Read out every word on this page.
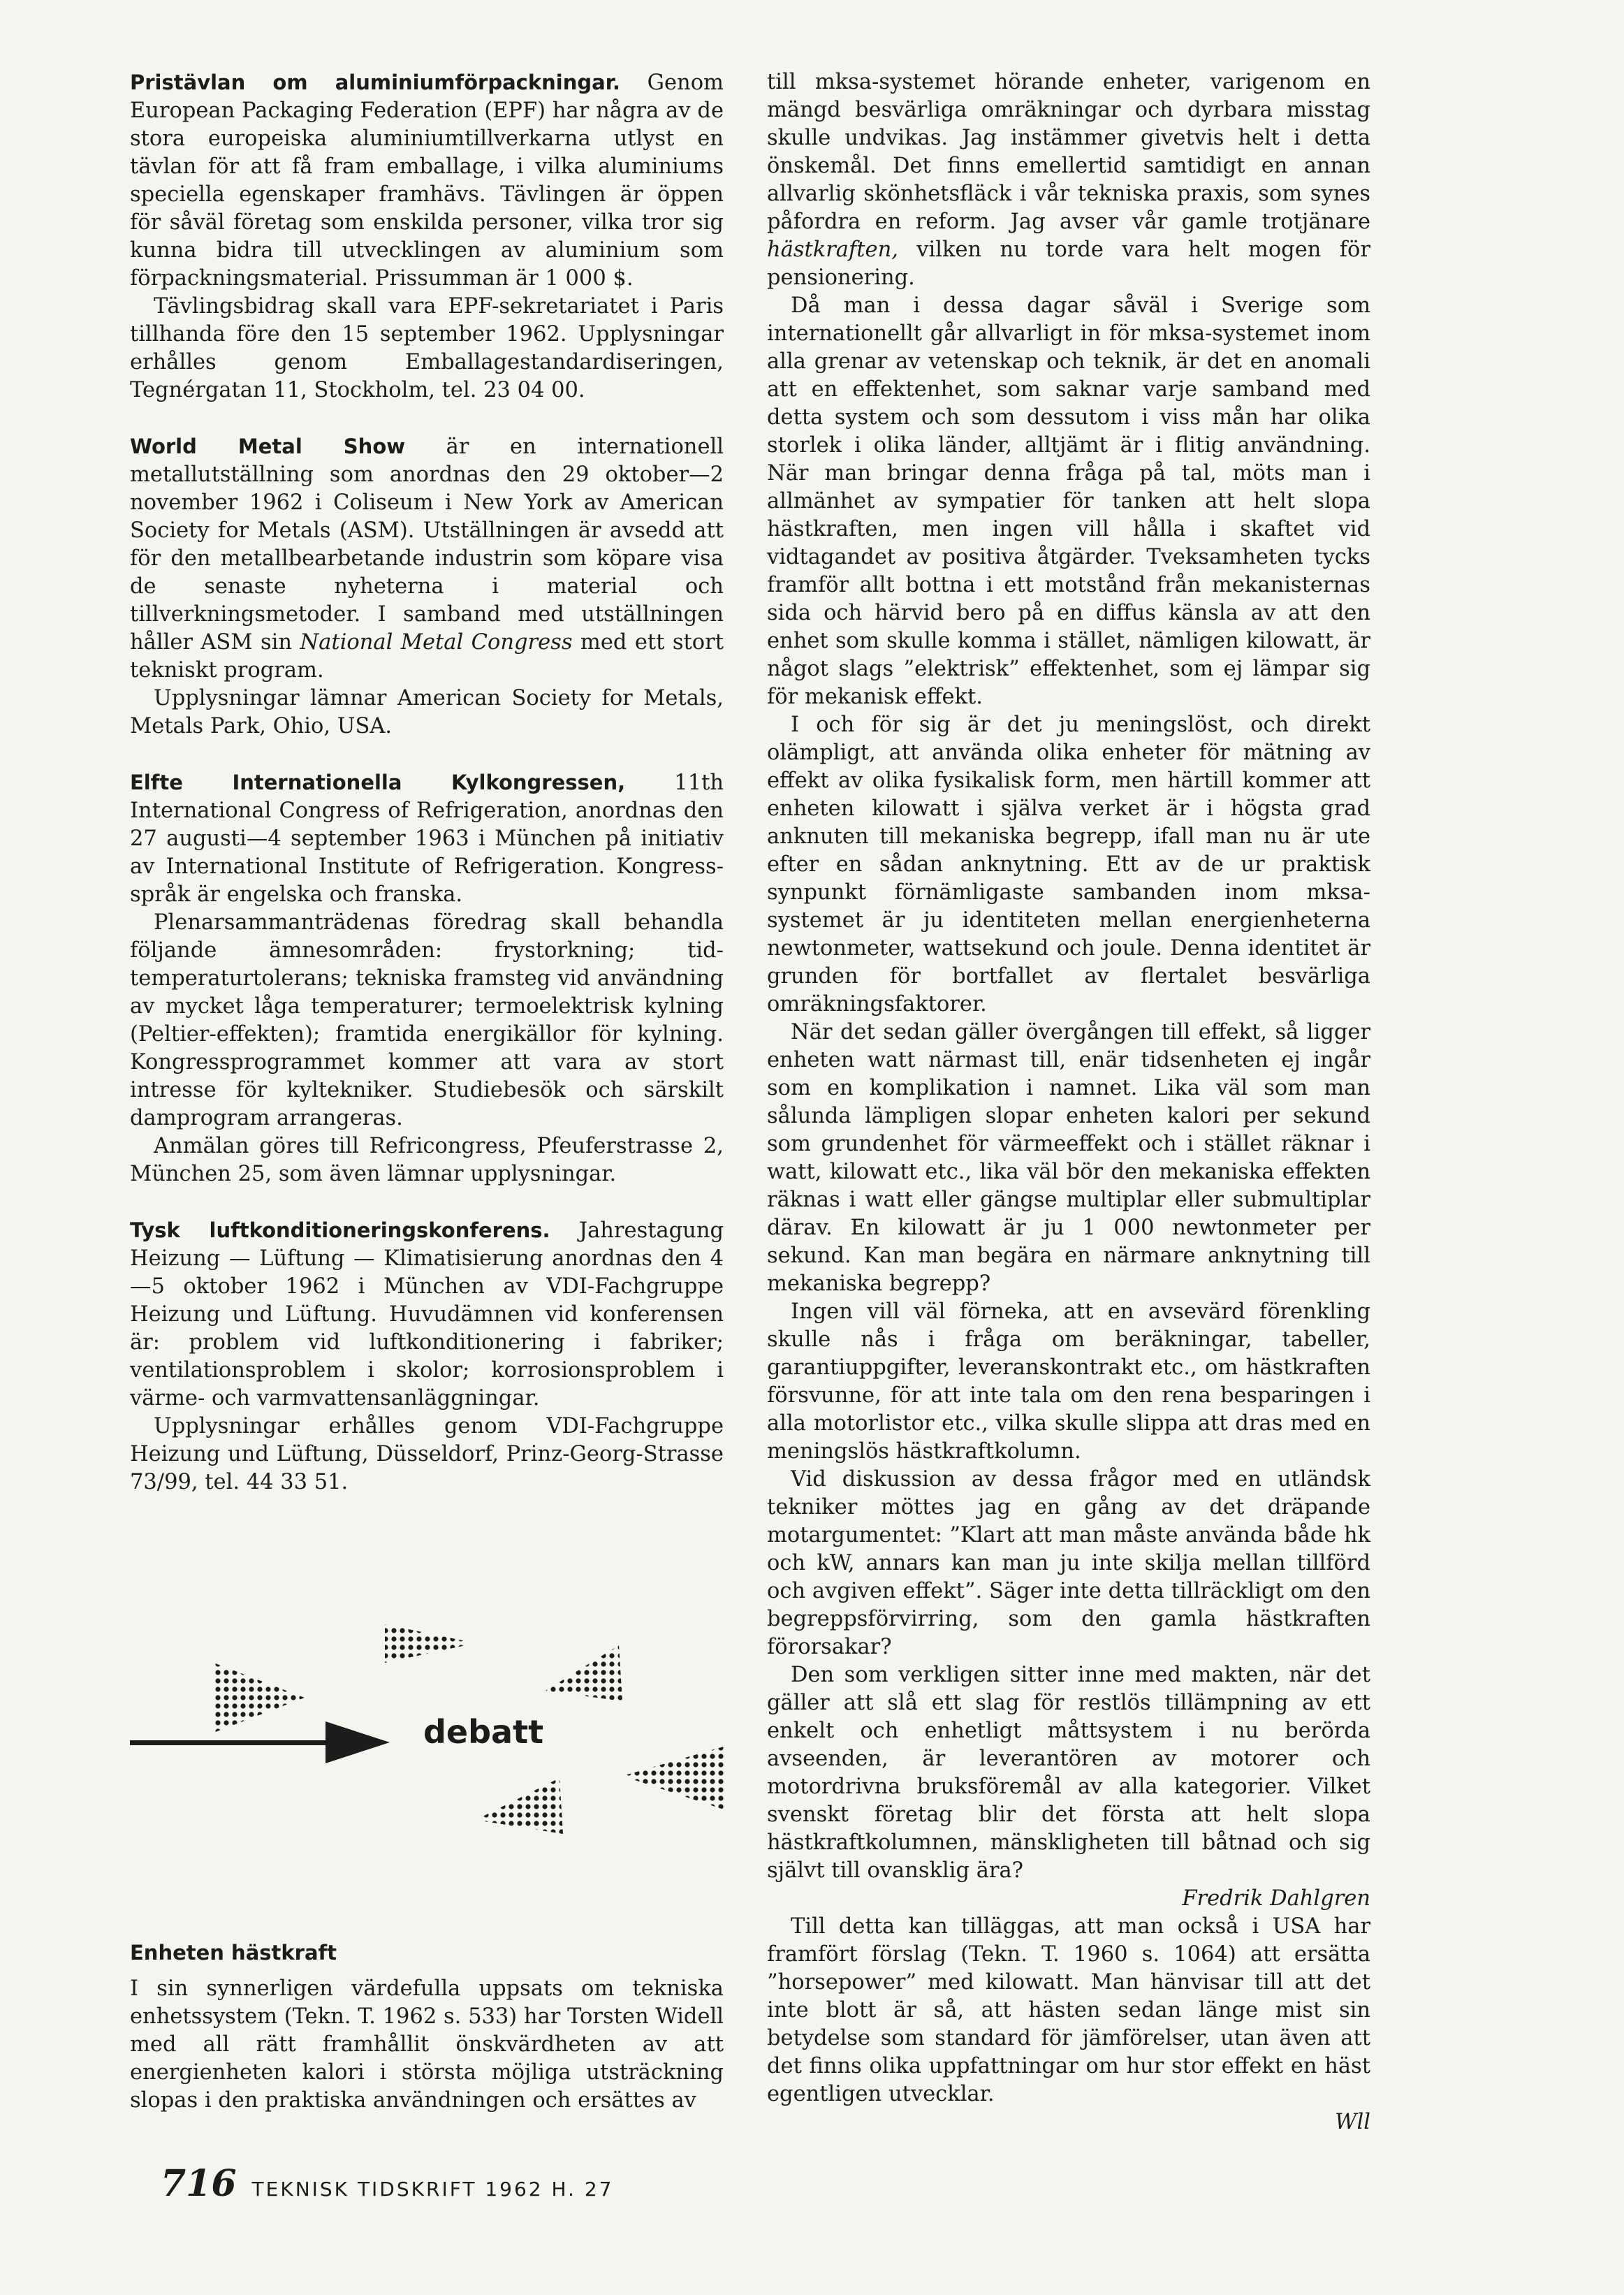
Pristävlan om aluminiumförpackningar. Genom European Packaging Federation (EPF) har några av de stora europeiska aluminiumtillverkarna utlyst en tävlan för att få fram emballage, i vilka aluminiums speciella egenskaper framhävs. Tävlingen är öppen för såväl företag som enskilda personer, vilka tror sig kunna bidra till utvecklingen av aluminium som förpackningsmaterial. Prissumman är 1 000 $.

Tävlingsbidrag skall vara EPF-sekretariatet i Paris tillhanda före den 15 september 1962. Upplysningar erhålles genom Emballagestandardiseringen, Tegnérgatan 11, Stockholm, tel. 23 04 00.

World Metal Show är en internationell metallutställning som anordnas den 29 oktober—2 november 1962 i Coliseum i New York av American Society for Metals (ASM). Utställningen är avsedd att för den metallbearbetande industrin som köpare visa de senaste nyheterna i material och tillverkningsmetoder. I samband med utställningen håller ASM sin National Metal Congress med ett stort tekniskt program.

Upplysningar lämnar American Society for Metals, Metals Park, Ohio, USA.

Elfte Internationella Kylkongressen, 11th International Congress of Refrigeration, anordnas den 27 augusti—4 september 1963 i München på initiativ av International Institute of Refrigeration. Kongress-språk är engelska och franska.

Plenarsammanträdenas föredrag skall behandla följande ämnesområden: frystorkning; tid-temperaturtolerans; tekniska framsteg vid användning av mycket låga temperaturer; termoelektrisk kylning (Peltier-effekten); framtida energikällor för kylning. Kongressprogrammet kommer att vara av stort intresse för kyltekniker. Studiebesök och särskilt damprogram arrangeras.

Anmälan göres till Refricongress, Pfeuferstrasse 2, München 25, som även lämnar upplysningar.

Tysk luftkonditioneringskonferens. Jahrestagung Heizung — Lüftung — Klimatisierung anordnas den 4—5 oktober 1962 i München av VDI-Fachgruppe Heizung und Lüftung. Huvudämnen vid konferensen är: problem vid luftkonditionering i fabriker; ventilationsproblem i skolor; korrosionsproblem i värme- och varmvattensanläggningar.

Upplysningar erhålles genom VDI-Fachgruppe Heizung und Lüftung, Düsseldorf, Prinz-Georg-Strasse 73/99, tel. 44 33 51.

debatt
Enheten hästkraft

I sin synnerligen värdefulla uppsats om tekniska enhetssystem (Tekn. T. 1962 s. 533) har Torsten Widell med all rätt framhållit önskvärdheten av att energienheten kalori i största möjliga utsträckning slopas i den praktiska användningen och ersättes av

till mksa-systemet hörande enheter, varigenom en mängd besvärliga omräkningar och dyrbara misstag skulle undvikas. Jag instämmer givetvis helt i detta önskemål. Det finns emellertid samtidigt en annan allvarlig skönhetsfläck i vår tekniska praxis, som synes påfordra en reform. Jag avser vår gamle trotjänare hästkraften, vilken nu torde vara helt mogen för pensionering.

Då man i dessa dagar såväl i Sverige som internationellt går allvarligt in för mksa-systemet inom alla grenar av vetenskap och teknik, är det en anomali att en effektenhet, som saknar varje samband med detta system och som dessutom i viss mån har olika storlek i olika länder, alltjämt är i flitig användning. När man bringar denna fråga på tal, möts man i allmänhet av sympatier för tanken att helt slopa hästkraften, men ingen vill hålla i skaftet vid vidtagandet av positiva åtgärder. Tveksamheten tycks framför allt bottna i ett motstånd från mekanisternas sida och härvid bero på en diffus känsla av att den enhet som skulle komma i stället, nämligen kilowatt, är något slags ”elektrisk” effektenhet, som ej lämpar sig för mekanisk effekt.

I och för sig är det ju meningslöst, och direkt olämpligt, att använda olika enheter för mätning av effekt av olika fysikalisk form, men härtill kommer att enheten kilowatt i själva verket är i högsta grad anknuten till mekaniska begrepp, ifall man nu är ute efter en sådan anknytning. Ett av de ur praktisk synpunkt förnämligaste sambanden inom mksa-systemet är ju identiteten mellan energienheterna newtonmeter, wattsekund och joule. Denna identitet är grunden för bortfallet av flertalet besvärliga omräkningsfaktorer.

När det sedan gäller övergången till effekt, så ligger enheten watt närmast till, enär tidsenheten ej ingår som en komplikation i namnet. Lika väl som man sålunda lämpligen slopar enheten kalori per sekund som grundenhet för värmeeffekt och i stället räknar i watt, kilowatt etc., lika väl bör den mekaniska effekten räknas i watt eller gängse multiplar eller submultiplar därav. En kilowatt är ju 1 000 newtonmeter per sekund. Kan man begära en närmare anknytning till mekaniska begrepp?

Ingen vill väl förneka, att en avsevärd förenkling skulle nås i fråga om beräkningar, tabeller, garantiuppgifter, leveranskontrakt etc., om hästkraften försvunne, för att inte tala om den rena besparingen i alla motorlistor etc., vilka skulle slippa att dras med en meningslös hästkraftkolumn.

Vid diskussion av dessa frågor med en utländsk tekniker möttes jag en gång av det dräpande motargumentet: ”Klart att man måste använda både hk och kW, annars kan man ju inte skilja mellan tillförd och avgiven effekt”. Säger inte detta tillräckligt om den begreppsförvirring, som den gamla hästkraften förorsakar?

Den som verkligen sitter inne med makten, när det gäller att slå ett slag för restlös tillämpning av ett enkelt och enhetligt måttsystem i nu berörda avseenden, är leverantören av motorer och motordrivna bruksföremål av alla kategorier. Vilket svenskt företag blir det första att helt slopa hästkraftkolumnen, mänskligheten till båtnad och sig självt till ovansklig ära?

Fredrik Dahlgren

Till detta kan tilläggas, att man också i USA har framfört förslag (Tekn. T. 1960 s. 1064) att ersätta ”horsepower” med kilowatt. Man hänvisar till att det inte blott är så, att hästen sedan länge mist sin betydelse som standard för jämförelser, utan även att det finns olika uppfattningar om hur stor effekt en häst egentligen utvecklar.

Wll

716 TEKNISK TIDSKRIFT 1962 H. 27
